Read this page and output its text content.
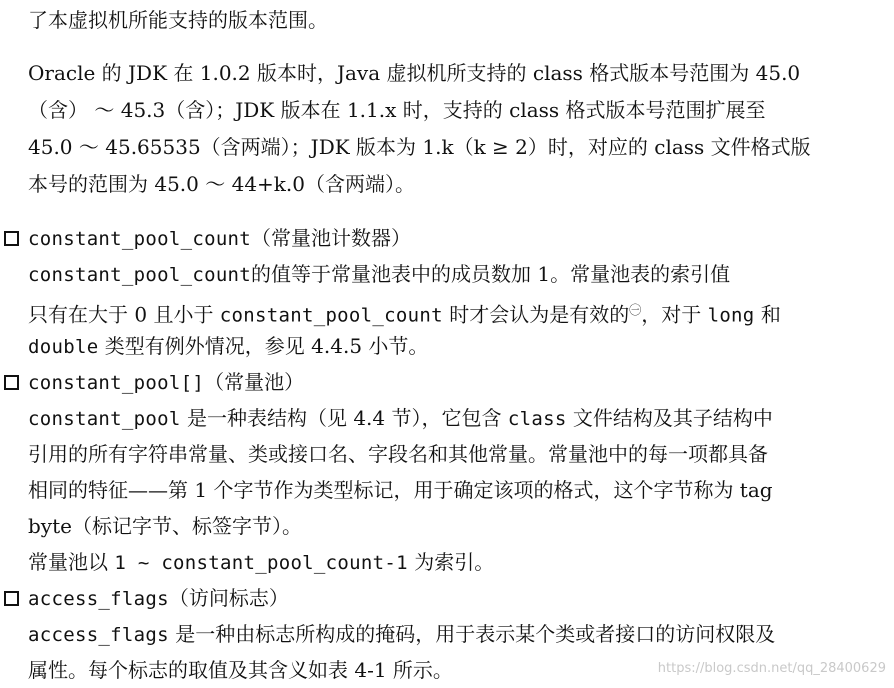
了本虚拟机所能支持的版本范围。
Oracle 的 JDK 在 1.0.2 版本时，Java 虚拟机所支持的 class 格式版本号范围为 45.0
（含） ～ 45.3（含）；JDK 版本在 1.1.x 时，支持的 class 格式版本号范围扩展至
45.0 ～ 45.65535（含两端）；JDK 版本为 1.k（k ≥ 2）时，对应的 class 文件格式版
本号的范围为 45.0 ～ 44+k.0（含两端）。
constant_pool_count（常量池计数器）
constant_pool_count的值等于常量池表中的成员数加 1。常量池表的索引值
只有在大于 0 且小于 constant_pool_count 时才会认为是有效的$^㊀$，对于 long 和
double 类型有例外情况，参见 4.4.5 小节。
constant_pool[]（常量池）
constant_pool 是一种表结构（见 4.4 节），它包含 class 文件结构及其子结构中
引用的所有字符串常量、类或接口名、字段名和其他常量。常量池中的每一项都具备
相同的特征——第 1 个字节作为类型标记，用于确定该项的格式，这个字节称为 tag
byte（标记字节、标签字节）。
常量池以 1 ~ constant_pool_count-1 为索引。
access_flags（访问标志）
access_flags 是一种由标志所构成的掩码，用于表示某个类或者接口的访问权限及
属性。每个标志的取值及其含义如表 4-1 所示。	https://blog.csdn.net/qq_28400629
